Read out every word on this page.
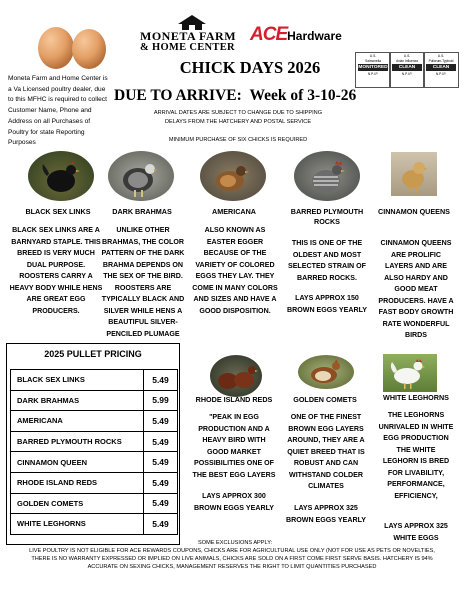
MONETA FARM
& HOME CENTER
ACEHardware
U.S.
Salmonella
MONITORED
N.P.I.P.
U.S.
Avian Influenza
CLEAN
N.P.I.P.
U.S.
Pullorum-Typhoid
CLEAN
N.P.I.P.
Moneta Farm and Home Center is a Va Licensed poultry dealer, due to this MFHC is required to collect Customer Name, Phone and Address on all Purchases of Poultry for state Reporting Purposes
CHICK DAYS 2026
DUE TO ARRIVE: Week of 3-10-26
ARRIVAL DATES ARE SUBJECT TO CHANGE DUE TO SHIPPING
DELAYS FROM THE HATCHERY AND POSTAL SERVICE
MINIMUM PURCHASE OF SIX CHICKS IS REQUIRED
BLACK SEX LINKS	DARK BRAHMAS	AMERICANA	BARRED PLYMOUTH ROCKS
CINNAMON QUEENS
BLACK SEX LINKS ARE A BARNYARD STAPLE. THIS BREED IS VERY MUCH DUAL PURPOSE. ROOSTERS CARRY A HEAVY BODY WHILE HENS ARE GREAT EGG PRODUCERS.
UNLIKE OTHER BRAHMAS, THE COLOR PATTERN OF THE DARK BRAHMA DEPENDS ON THE SEX OF THE BIRD. ROOSTERS ARE TYPICALLY BLACK AND SILVER WHILE HENS A BEAUTIFUL SILVER-PENCILED PLUMAGE
ALSO KNOWN AS EASTER EGGER BECAUSE OF THE VARIETY OF COLORED EGGS THEY LAY. THEY COME IN MANY COLORS AND SIZES AND HAVE A GOOD DISPOSITION.
THIS IS ONE OF THE OLDEST AND MOST SELECTED STRAIN OF BARRED ROCKS.
LAYS APPROX 150 BROWN EGGS YEARLY
CINNAMON QUEENS ARE PROLIFIC LAYERS AND ARE ALSO HARDY AND GOOD MEAT PRODUCERS. HAVE A FAST BODY GROWTH RATE WONDERFUL BIRDS
2025 PULLET PRICING
BLACK SEX LINKS	5.49
DARK BRAHMAS	5.99
AMERICANA	5.49
BARRED PLYMOUTH ROCKS	5.49
CINNAMON QUEEN	5.49
RHODE ISLAND REDS	5.49
GOLDEN COMETS	5.49
WHITE LEGHORNS	5.49
RHODE ISLAND REDS	GOLDEN COMETS	WHITE LEGHORNS
"PEAK IN EGG PRODUCTION AND A HEAVY BIRD WITH GOOD MARKET POSSIBILITIES ONE OF THE BEST EGG LAYERS
LAYS APPROX 300 BROWN EGGS YEARLY
ONE OF THE FINEST BROWN EGG LAYERS AROUND, THEY ARE A QUIET BREED THAT IS ROBUST AND CAN WITHSTAND COLDER CLIMATES
LAYS APPROX 325 BROWN EGGS YEARLY
THE LEGHORNS UNRIVALED IN WHITE EGG PRODUCTION THE WHITE LEGHORN IS BRED FOR LIVABILITY, PERFORMANCE, EFFICIENCY,
LAYS APPROX 325 WHITE EGGS
SOME EXCLUSIONS APPLY:
LIVE POULTRY IS NOT ELIGIBLE FOR ACE REWARDS COUPONS, CHICKS ARE FOR AGRICULTURAL USE ONLY (NOT FOR USE AS PETS OR NOVELTIES,
THERE IS NO WARRANTY EXPRESSED OR IMPLIED ON LIVE ANIMALS, CHICKS ARE SOLD ON A FIRST COME FIRST SERVE BASIS. HATCHERY IS 94%
ACCURATE ON SEXING CHICKS, MANAGEMENT RESERVES THE RIGHT TO LIMIT QUANTITIES PURCHASED
